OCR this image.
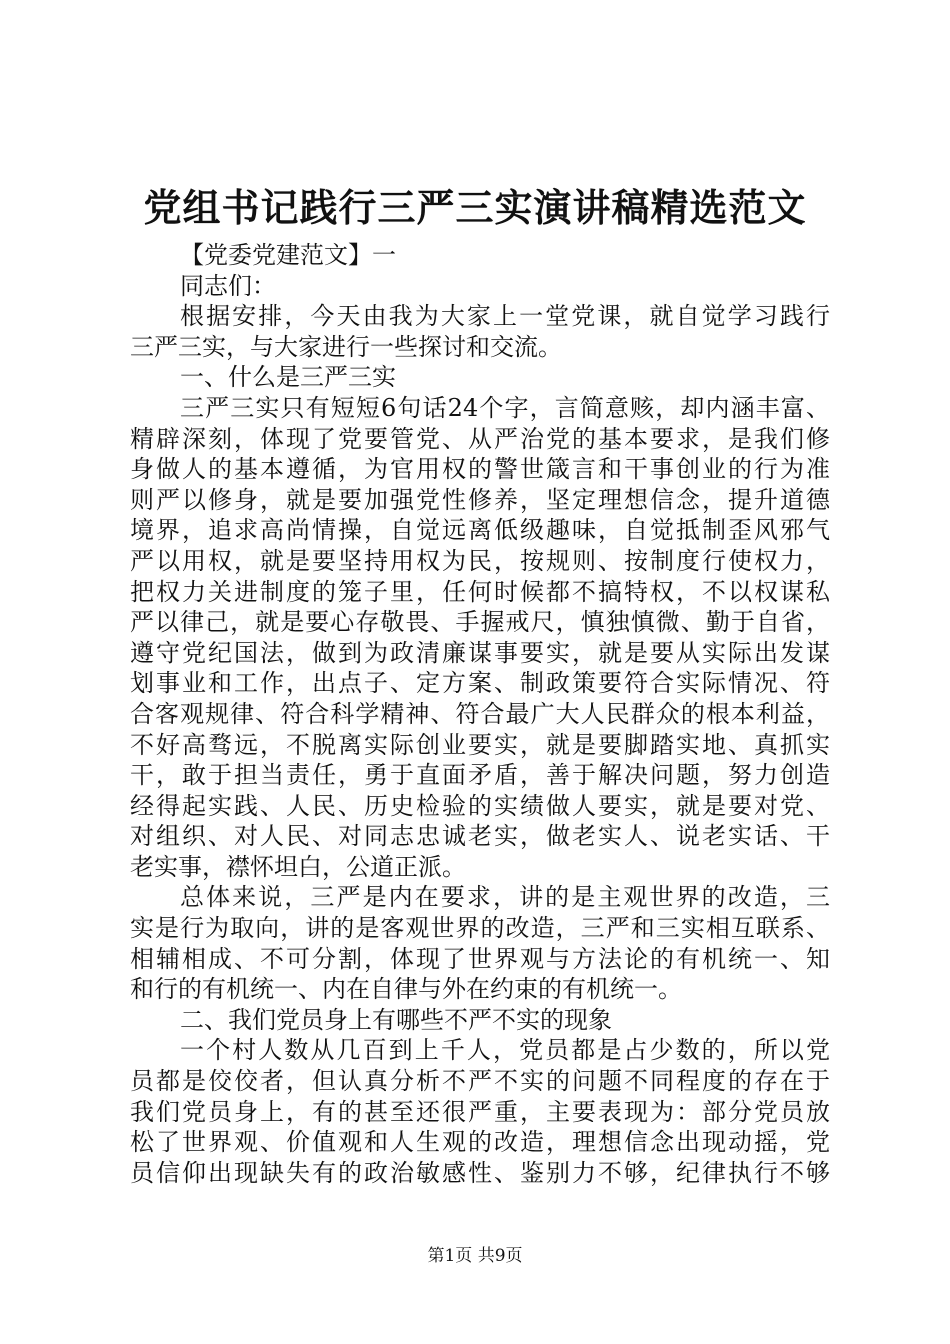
党组书记践行三严三实演讲稿精选范文
【党委党建范文】一
同志们：
根据安排，今天由我为大家上一堂党课，就自觉学习践行
三严三实，与大家进行一些探讨和交流。
一、什么是三严三实
三严三实只有短短6句话24个字，言简意赅，却内涵丰富、
精辟深刻，体现了党要管党、从严治党的基本要求，是我们修
身做人的基本遵循，为官用权的警世箴言和干事创业的行为准
则严以修身，就是要加强党性修养，坚定理想信念，提升道德
境界，追求高尚情操，自觉远离低级趣味，自觉抵制歪风邪气
严以用权，就是要坚持用权为民，按规则、按制度行使权力，
把权力关进制度的笼子里，任何时候都不搞特权，不以权谋私
严以律己，就是要心存敬畏、手握戒尺，慎独慎微、勤于自省，
遵守党纪国法，做到为政清廉谋事要实，就是要从实际出发谋
划事业和工作，出点子、定方案、制政策要符合实际情况、符
合客观规律、符合科学精神、符合最广大人民群众的根本利益，
不好高骛远，不脱离实际创业要实，就是要脚踏实地、真抓实
干，敢于担当责任，勇于直面矛盾，善于解决问题，努力创造
经得起实践、人民、历史检验的实绩做人要实，就是要对党、
对组织、对人民、对同志忠诚老实，做老实人、说老实话、干
老实事，襟怀坦白，公道正派。
总体来说，三严是内在要求，讲的是主观世界的改造，三
实是行为取向，讲的是客观世界的改造，三严和三实相互联系、
相辅相成、不可分割，体现了世界观与方法论的有机统一、知
和行的有机统一、内在自律与外在约束的有机统一。
二、我们党员身上有哪些不严不实的现象
一个村人数从几百到上千人，党员都是占少数的，所以党
员都是佼佼者，但认真分析不严不实的问题不同程度的存在于
我们党员身上，有的甚至还很严重，主要表现为：部分党员放
松了世界观、价值观和人生观的改造，理想信念出现动摇，党
员信仰出现缺失有的政治敏感性、鉴别力不够，纪律执行不够
第1页 共9页
